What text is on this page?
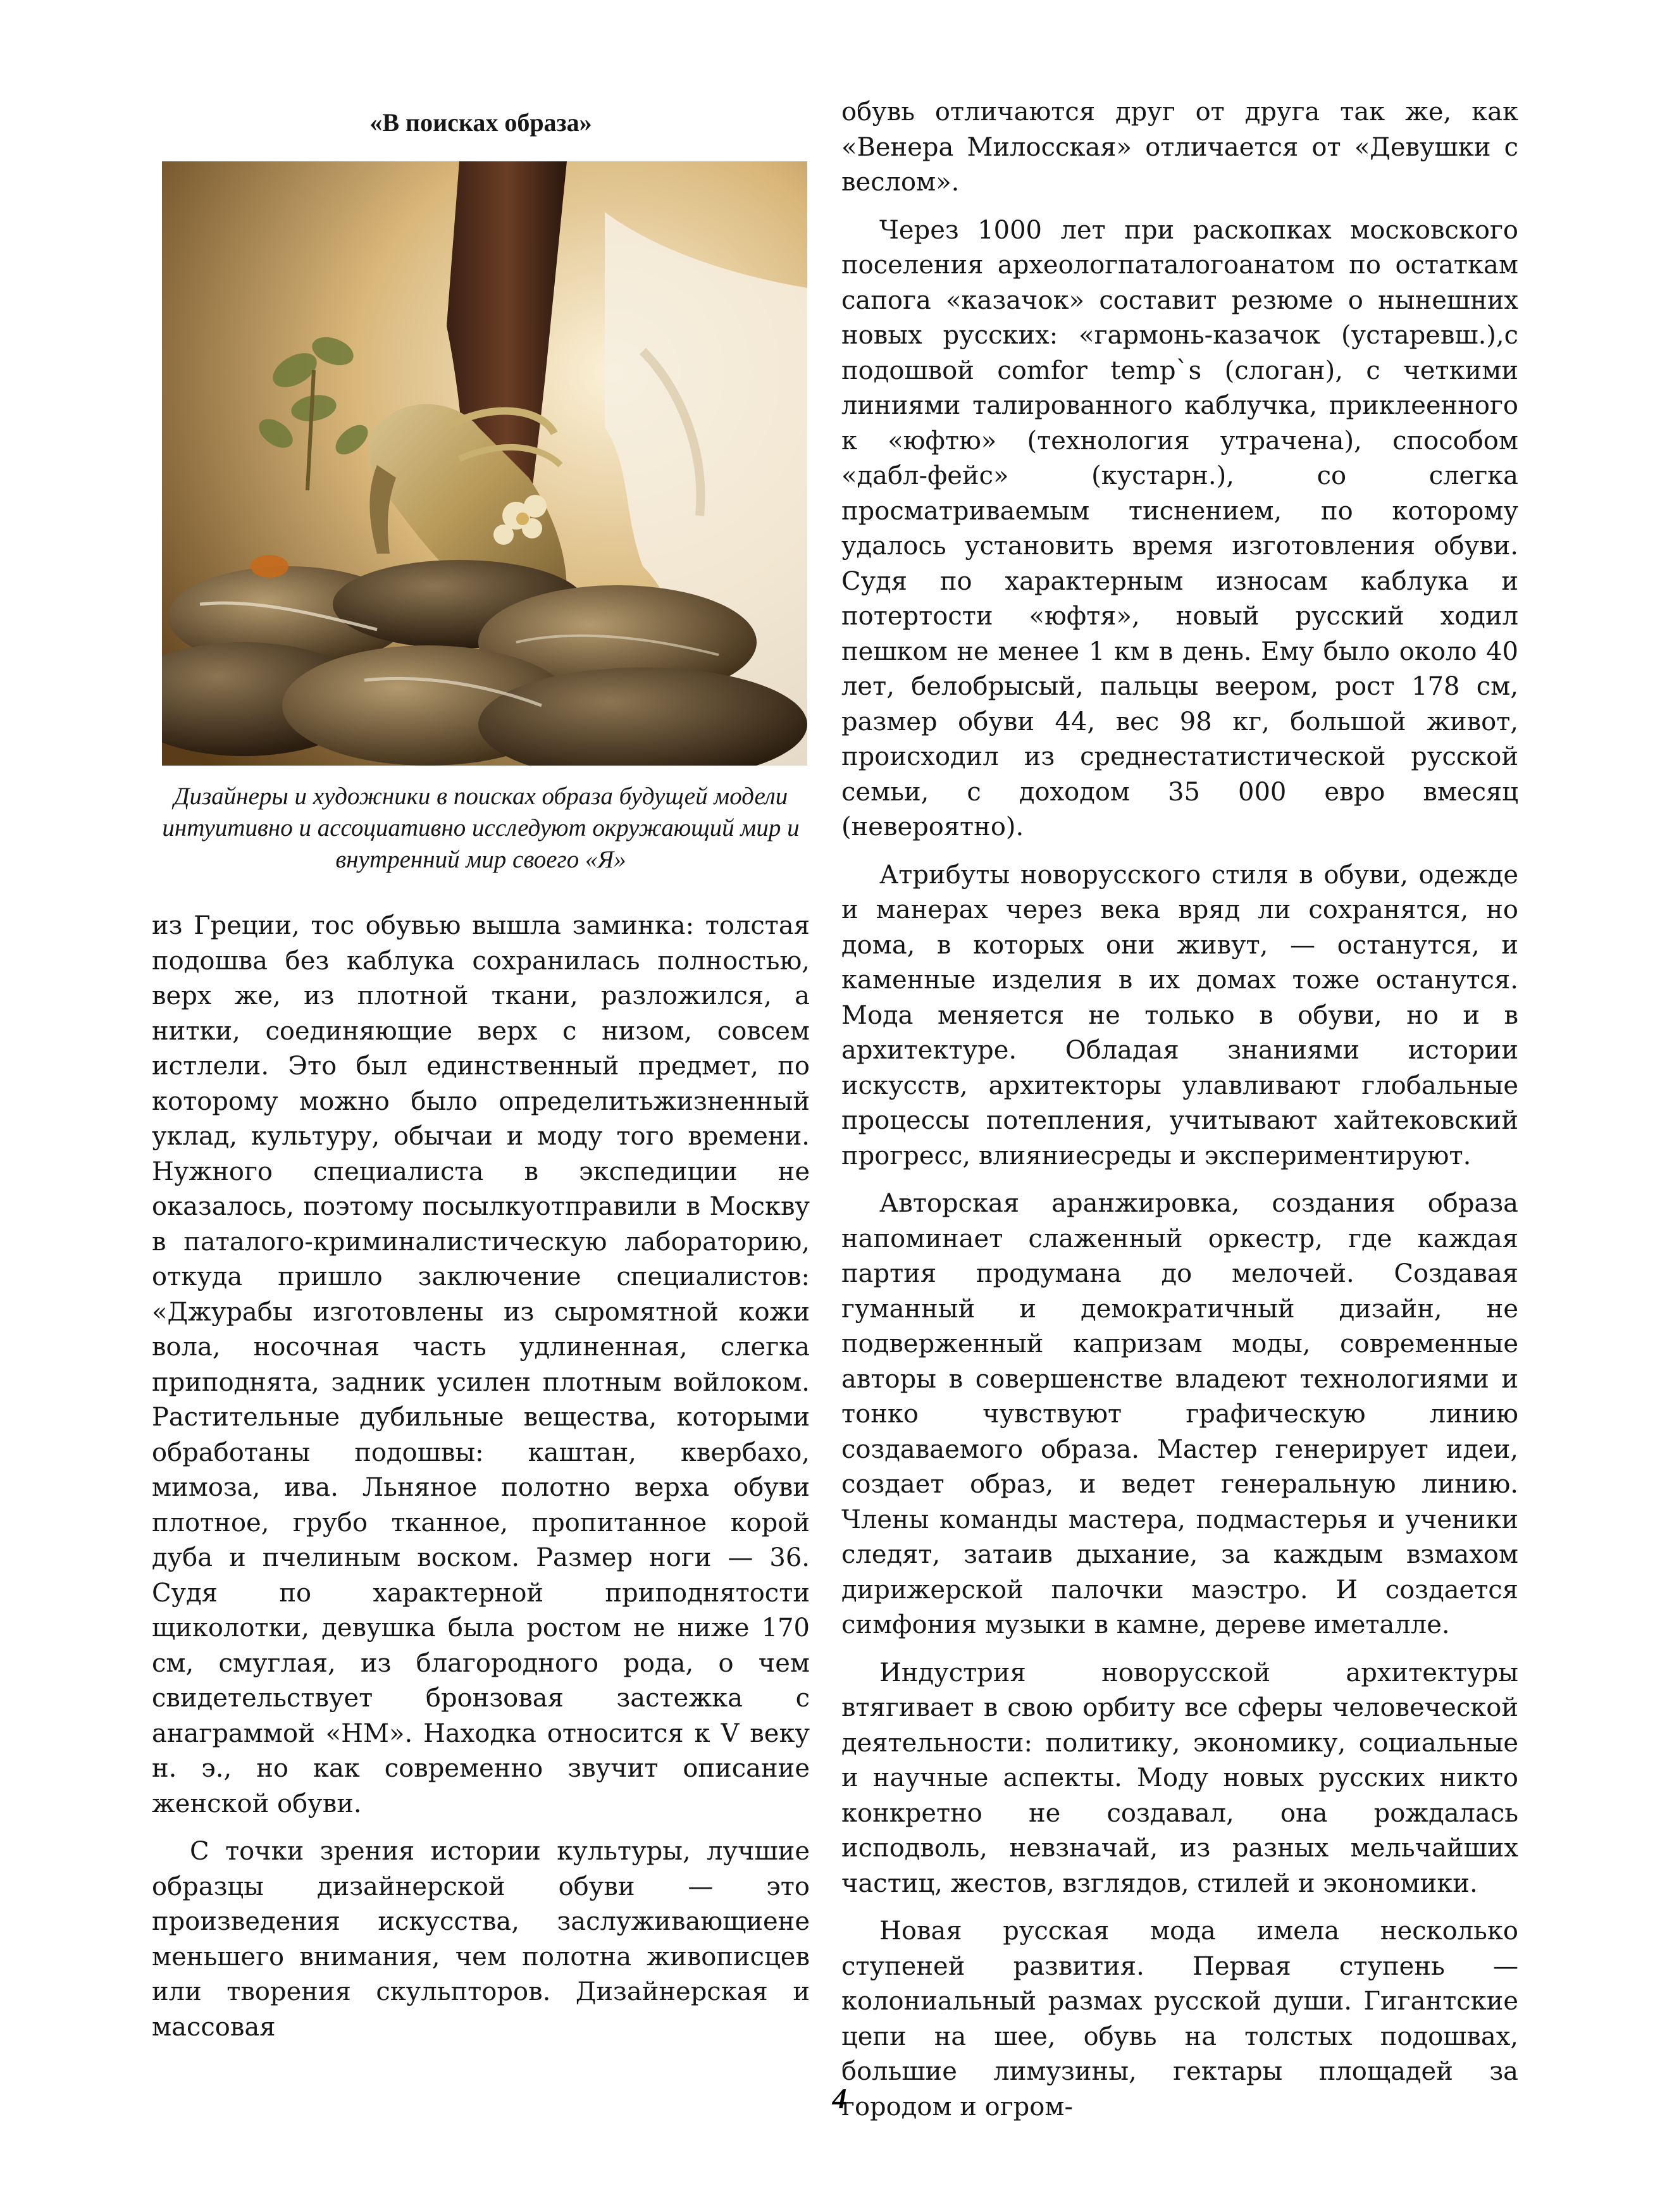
«В поисках образа»

Дизайнеры и художники в поисках образа будущей модели интуитивно и ассоциативно исследуют окружающий мир и внутренний мир своего «Я»

из Греции, тос обувью вышла заминка: толстая подошва без каблука сохранилась полностью, верх же, из плотной ткани, разложился, а нитки, соединяющие верх с низом, совсем истлели. Это был единственный предмет, по которому можно было определитьжизненный уклад, культуру, обычаи и моду того времени. Нужного специалиста в экспедиции не оказалось, поэтому посылкуотправили в Москву в паталого-криминалистическую лабораторию, откуда пришло заключение специалистов: «Джурабы изготовлены из сыромятной кожи вола, носочная часть удлиненная, слегка приподнята, задник усилен плотным войлоком. Растительные дубильные вещества, которыми обработаны подошвы: каштан, квербахо, мимоза, ива. Льняное полотно верха обуви плотное, грубо тканное, пропитанное корой дуба и пчелиным воском. Размер ноги — 36. Судя по характерной приподнятости щиколотки, девушка была ростом не ниже 170 см, смуглая, из благородного рода, о чем свидетельствует бронзовая застежка с анаграммой «НМ». Находка относится к V веку н. э., но как современно звучит описание женской обуви.

С точки зрения истории культуры, лучшие образцы дизайнерской обуви — это произведения искусства, заслуживающиене меньшего внимания, чем полотна живописцев или творения скульпторов. Дизайнерская и массовая

обувь отличаются друг от друга так же, как «Венера Милосская» отличается от «Девушки с веслом».

Через 1000 лет при раскопках московского поселения археологпаталогоанатом по остаткам сапога «казачок» составит резюме о нынешних новых русских: «гармонь-казачок (устаревш.),с подошвой comfor temp`s (слоган), с четкими линиями талированного каблучка, приклеенного к «юфтю» (технология утрачена), способом «дабл-фейс» (кустарн.), со слегка просматриваемым тиснением, по которому удалось установить время изготовления обуви. Судя по характерным износам каблука и потертости «юфтя», новый русский ходил пешком не менее 1 км в день. Ему было около 40 лет, белобрысый, пальцы веером, рост 178 см, размер обуви 44, вес 98 кг, большой живот, происходил из среднестатистической русской семьи, с доходом 35 000 евро вмесяц (невероятно).

Атрибуты новорусского стиля в обуви, одежде и манерах через века вряд ли сохранятся, но дома, в которых они живут, — останутся, и каменные изделия в их домах тоже останутся. Мода меняется не только в обуви, но и в архитектуре. Обладая знаниями истории искусств, архитекторы улавливают глобальные процессы потепления, учитывают хайтековский прогресс, влияниесреды и экспериментируют.

Авторская аранжировка, создания образа напоминает слаженный оркестр, где каждая партия продумана до мелочей. Создавая гуманный и демократичный дизайн, не подверженный капризам моды, современные авторы в совершенстве владеют технологиями и тонко чувствуют графическую линию создаваемого образа. Мастер генерирует идеи, создает образ, и ведет генеральную линию. Члены команды мастера, подмастерья и ученики следят, затаив дыхание, за каждым взмахом дирижерской палочки маэстро. И создается симфония музыки в камне, дереве иметалле.

Индустрия новорусской архитектуры втягивает в свою орбиту все сферы человеческой деятельности: политику, экономику, социальные и научные аспекты. Моду новых русских никто конкретно не создавал, она рождалась исподволь, невзначай, из разных мельчайших частиц, жестов, взглядов, стилей и экономики.

Новая русская мода имела несколько ступеней развития. Первая ступень — колониальный размах русской души. Гигантские цепи на шее, обувь на толстых подошвах, большие лимузины, гектары площадей за городом и огром-

4
